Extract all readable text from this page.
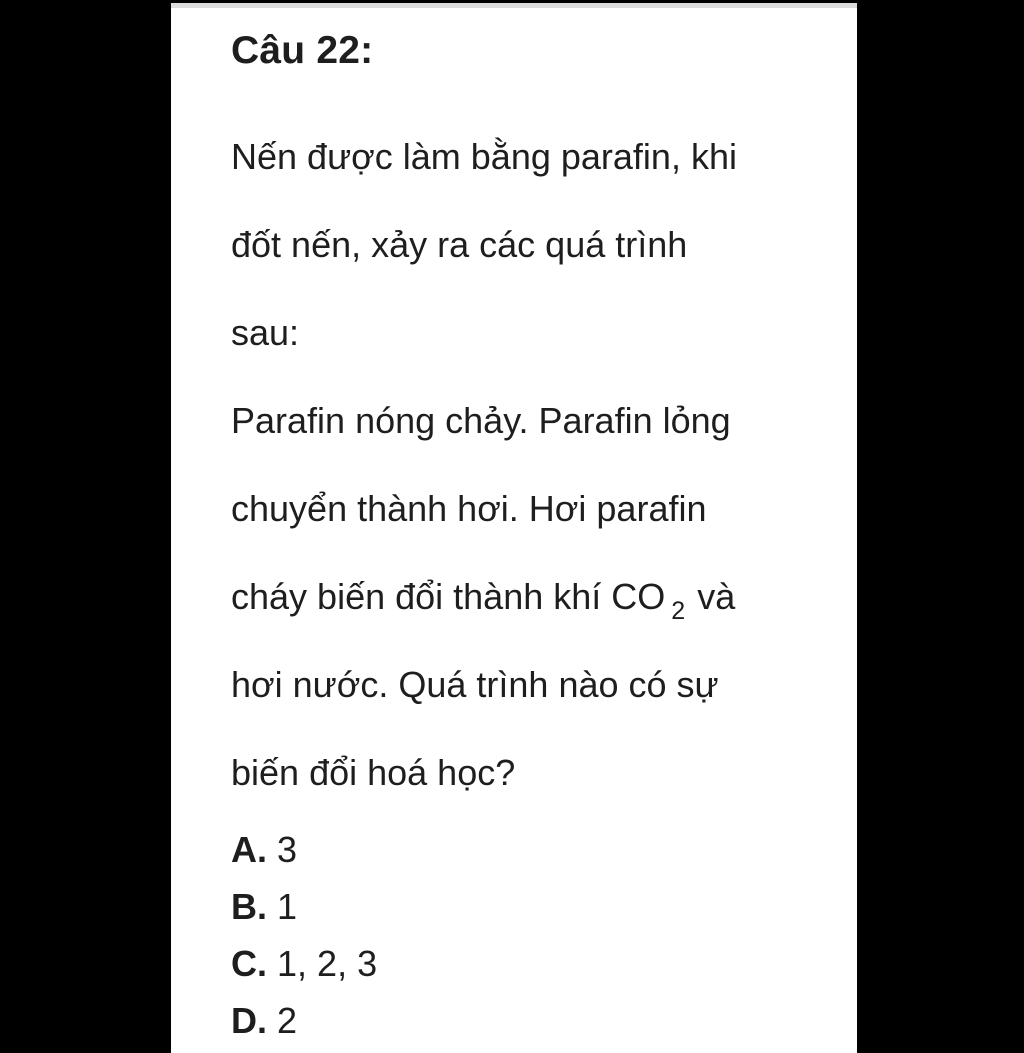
Câu 22:
Nến được làm bằng parafin, khi
đốt nến, xảy ra các quá trình
sau:
Parafin nóng chảy. Parafin lỏng
chuyển thành hơi. Hơi parafin
cháy biến đổi thành khí CO $_2$ và
hơi nước. Quá trình nào có sự
biến đổi hoá học?
A. 3
B. 1
C. 1, 2, 3
D. 2
